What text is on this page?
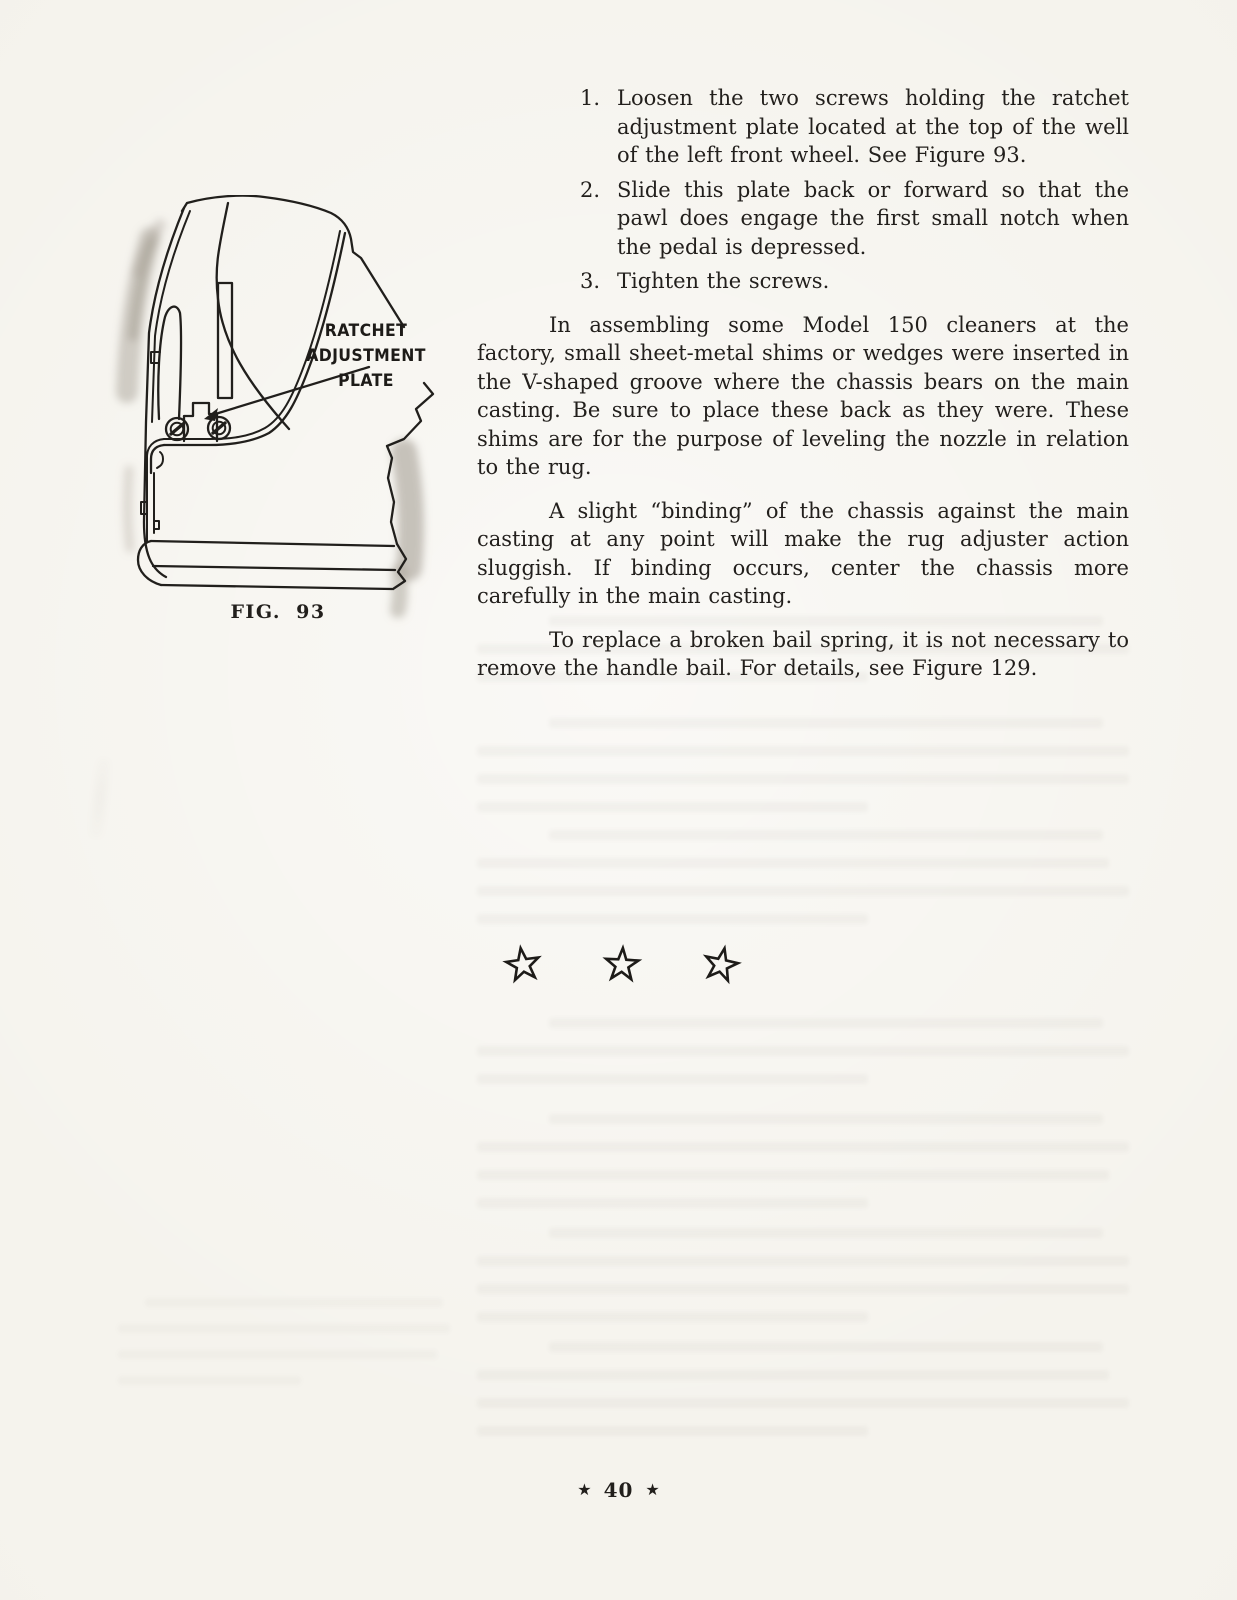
RATCHET
ADJUSTMENT
PLATE
FIG. 93
1. Loosen the two screws holding the ratchet adjustment plate located at the top of the well of the left front wheel. See Figure 93.
2. Slide this plate back or forward so that the pawl does engage the first small notch when the pedal is depressed.
3. Tighten the screws.

In assembling some Model 150 cleaners at the factory, small sheet-metal shims or wedges were inserted in the V-shaped groove where the chassis bears on the main casting. Be sure to place these back as they were. These shims are for the purpose of leveling the nozzle in relation to the rug.

A slight “binding” of the chassis against the main casting at any point will make the rug adjuster action sluggish. If binding occurs, center the chassis more carefully in the main casting.

To replace a broken bail spring, it is not necessary to remove the handle bail. For details, see Figure 129.

★ 40 ★
